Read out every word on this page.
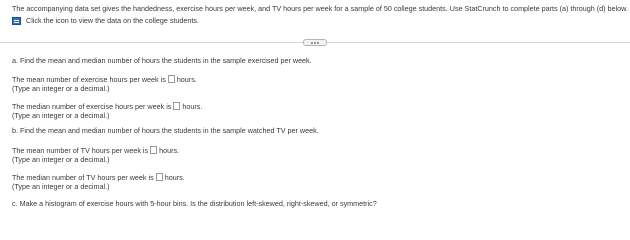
The accompanying data set gives the handedness, exercise hours per week, and TV hours per week for a sample of 50 college students. Use StatCrunch to complete parts (a) through (d) below.
Click the icon to view the data on the college students.
a. Find the mean and median number of hours the students in the sample exercised per week.
The mean number of exercise hours per week is hours.
(Type an integer or a decimal.)
The median number of exercise hours per week is hours.
(Type an integer or a decimal.)
b. Find the mean and median number of hours the students in the sample watched TV per week.
The mean number of TV hours per week is hours.
(Type an integer or a decimal.)
The median number of TV hours per week is hours.
(Type an integer or a decimal.)
c. Make a histogram of exercise hours with 5-hour bins. Is the distribution left-skewed, right-skewed, or symmetric?
